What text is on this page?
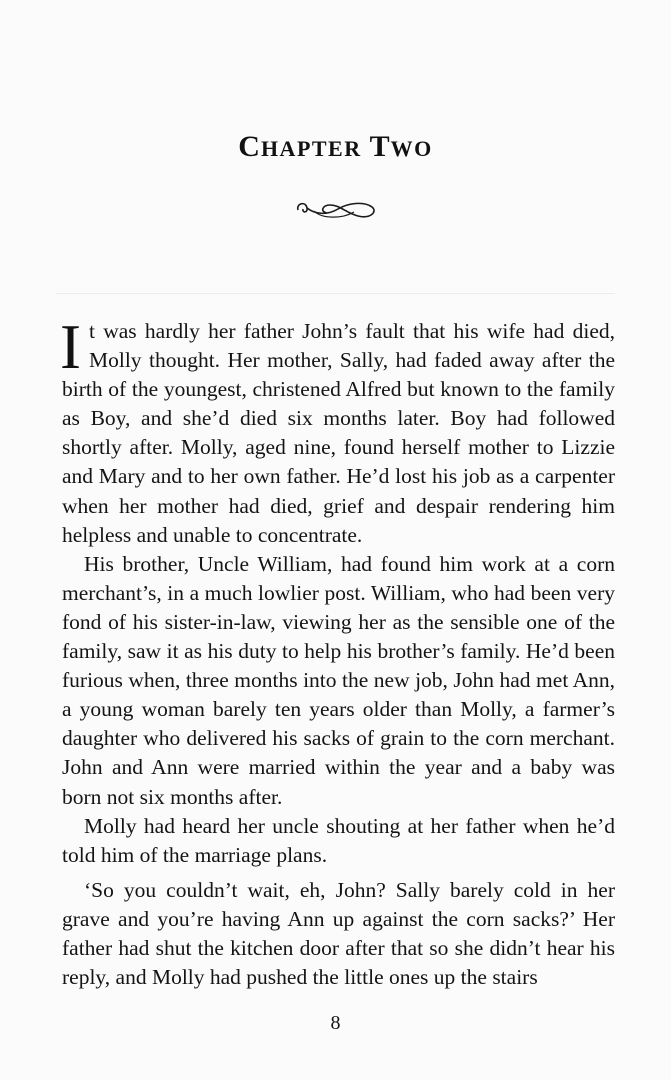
CHAPTER TWO

It was hardly her father John’s fault that his wife had died, Molly thought. Her mother, Sally, had faded away after the birth of the youngest, christened Alfred but known to the family as Boy, and she’d died six months later. Boy had followed shortly after. Molly, aged nine, found herself mother to Lizzie and Mary and to her own father. He’d lost his job as a carpenter when her mother had died, grief and despair rendering him helpless and unable to concentrate.

His brother, Uncle William, had found him work at a corn merchant’s, in a much lowlier post. William, who had been very fond of his sister-in-law, viewing her as the sensible one of the family, saw it as his duty to help his brother’s family. He’d been furious when, three months into the new job, John had met Ann, a young woman barely ten years older than Molly, a farmer’s daughter who delivered his sacks of grain to the corn merchant. John and Ann were married within the year and a baby was born not six months after.

Molly had heard her uncle shouting at her father when he’d told him of the marriage plans.

‘So you couldn’t wait, eh, John? Sally barely cold in her grave and you’re having Ann up against the corn sacks?’ Her father had shut the kitchen door after that so she didn’t hear his reply, and Molly had pushed the little ones up the stairs

8
